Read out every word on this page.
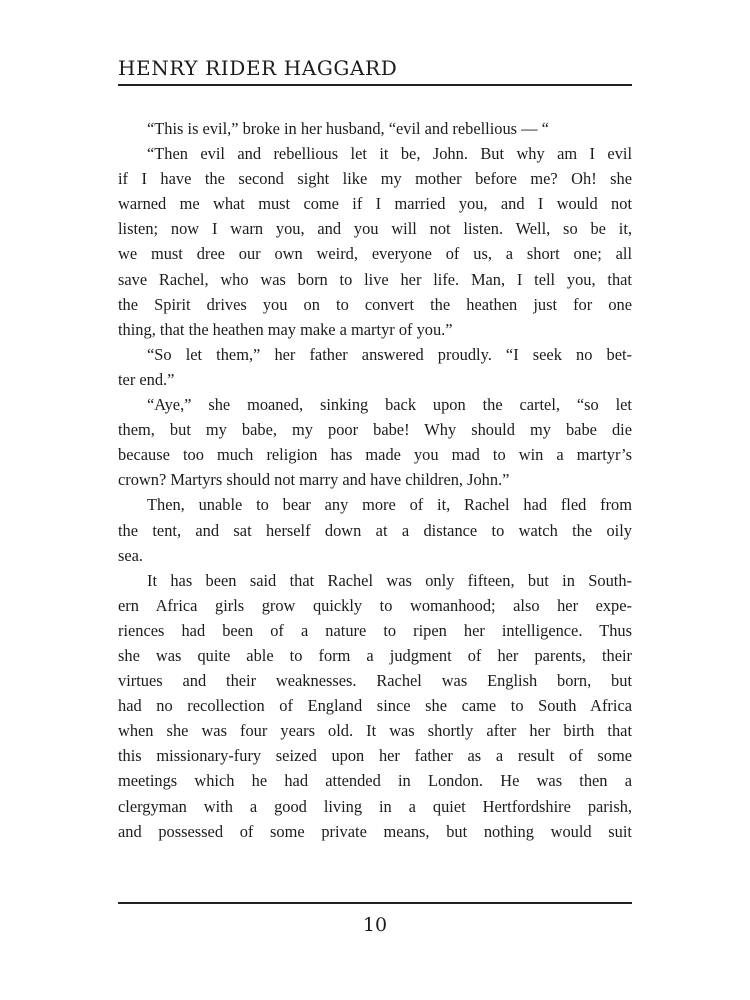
HENRY RIDER HAGGARD
“This is evil,” broke in her husband, “evil and rebellious — “
“Then evil and rebellious let it be, John. But why am I evil
if I have the second sight like my mother before me? Oh! she
warned me what must come if I married you, and I would not
listen; now I warn you, and you will not listen. Well, so be it,
we must dree our own weird, everyone of us, a short one; all
save Rachel, who was born to live her life. Man, I tell you, that
the Spirit drives you on to convert the heathen just for one
thing, that the heathen may make a martyr of you.”
“So let them,” her father answered proudly. “I seek no bet-
ter end.”
“Aye,” she moaned, sinking back upon the cartel, “so let
them, but my babe, my poor babe! Why should my babe die
because too much religion has made you mad to win a martyr’s
crown? Martyrs should not marry and have children, John.”
Then, unable to bear any more of it, Rachel had fled from
the tent, and sat herself down at a distance to watch the oily
sea.
It has been said that Rachel was only fifteen, but in South-
ern Africa girls grow quickly to womanhood; also her expe-
riences had been of a nature to ripen her intelligence. Thus
she was quite able to form a judgment of her parents, their
virtues and their weaknesses. Rachel was English born, but
had no recollection of England since she came to South Africa
when she was four years old. It was shortly after her birth that
this missionary-fury seized upon her father as a result of some
meetings which he had attended in London. He was then a
clergyman with a good living in a quiet Hertfordshire parish,
and possessed of some private means, but nothing would suit
10
